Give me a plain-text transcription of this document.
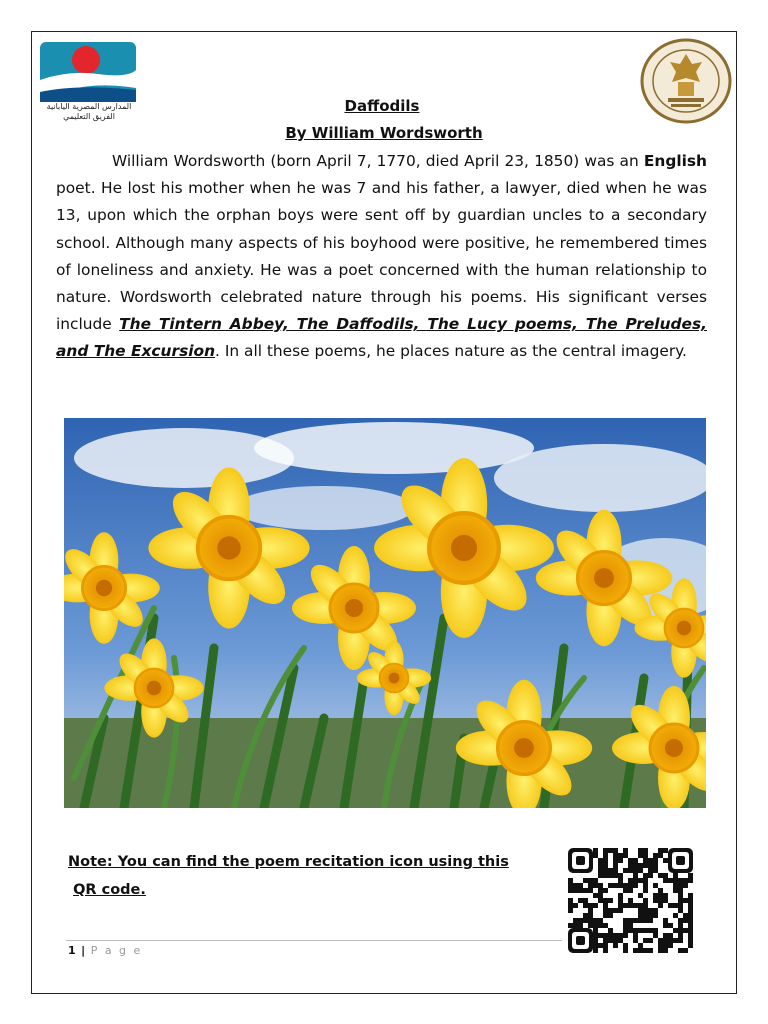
المدارس المصرية اليابانية الفريق التعليمي
Daffodils
By William Wordsworth
William Wordsworth (born April 7, 1770, died April 23, 1850) was an English poet. He lost his mother when he was 7 and his father, a lawyer, died when he was 13, upon which the orphan boys were sent off by guardian uncles to a secondary school. Although many aspects of his boyhood were positive, he remembered times of loneliness and anxiety. He was a poet concerned with the human relationship to nature. Wordsworth celebrated nature through his poems. His significant verses include The Tintern Abbey, The Daffodils, The Lucy poems, The Preludes, and The Excursion. In all these poems, he places nature as the central imagery.
Note: You can find the poem recitation icon using this
QR code.
1 | P a g e
